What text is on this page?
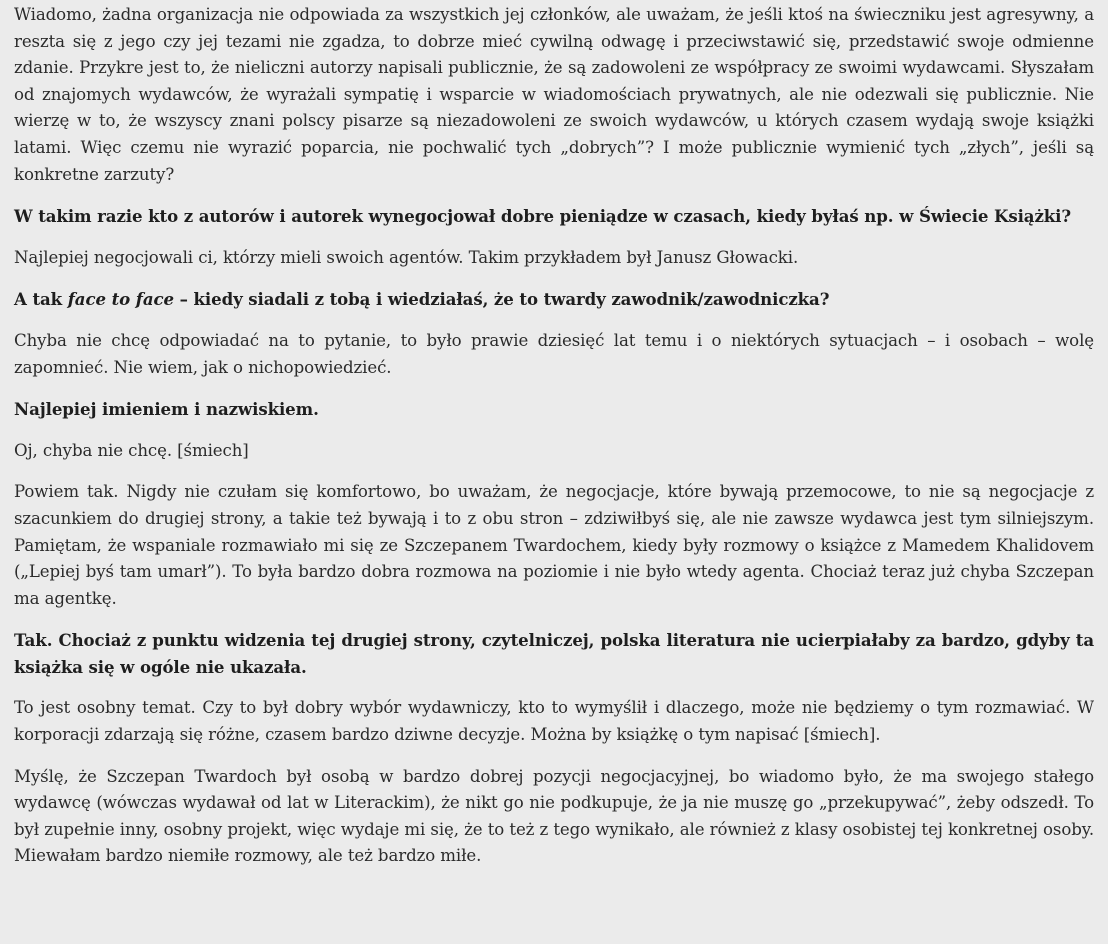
Wiadomo, żadna organizacja nie odpowiada za wszystkich jej członków, ale uważam, że jeśli ktoś na świeczniku jest agresywny, a reszta się z jego czy jej tezami nie zgadza, to dobrze mieć cywilną odwagę i przeciwstawić się, przedstawić swoje odmienne zdanie. Przykre jest to, że nieliczni autorzy napisali publicznie, że są zadowoleni ze współpracy ze swoimi wydawcami. Słyszałam od znajomych wydawców, że wyrażali sympatię i wsparcie w wiadomościach prywatnych, ale nie odezwali się publicznie. Nie wierzę w to, że wszyscy znani polscy pisarze są niezadowoleni ze swoich wydawców, u których czasem wydają swoje książki latami. Więc czemu nie wyrazić poparcia, nie pochwalić tych „dobrych”? I może publicznie wymienić tych „złych”, jeśli są konkretne zarzuty?

W takim razie kto z autorów i autorek wynegocjował dobre pieniądze w czasach, kiedy byłaś np. w Świecie Książki?

Najlepiej negocjowali ci, którzy mieli swoich agentów. Takim przykładem był Janusz Głowacki.

A tak face to face – kiedy siadali z tobą i wiedziałaś, że to twardy zawodnik/zawodniczka?

Chyba nie chcę odpowiadać na to pytanie, to było prawie dziesięć lat temu i o niektórych sytuacjach – i osobach – wolę zapomnieć. Nie wiem, jak o nichopowiedzieć.

Najlepiej imieniem i nazwiskiem.

Oj, chyba nie chcę. [śmiech]

Powiem tak. Nigdy nie czułam się komfortowo, bo uważam, że negocjacje, które bywają przemocowe, to nie są negocjacje z szacunkiem do drugiej strony, a takie też bywają i to z obu stron – zdziwiłbyś się, ale nie zawsze wydawca jest tym silniejszym. Pamiętam, że wspaniale rozmawiało mi się ze Szczepanem Twardochem, kiedy były rozmowy o książce z Mamedem Khalidovem („Lepiej byś tam umarł”). To była bardzo dobra rozmowa na poziomie i nie było wtedy agenta. Chociaż teraz już chyba Szczepan ma agentkę.

Tak. Chociaż z punktu widzenia tej drugiej strony, czytelniczej, polska literatura nie ucierpiałaby za bardzo, gdyby ta książka się w ogóle nie ukazała.

To jest osobny temat. Czy to był dobry wybór wydawniczy, kto to wymyślił i dlaczego, może nie będziemy o tym rozmawiać. W korporacji zdarzają się różne, czasem bardzo dziwne decyzje. Można by książkę o tym napisać [śmiech].

Myślę, że Szczepan Twardoch był osobą w bardzo dobrej pozycji negocjacyjnej, bo wiadomo było, że ma swojego stałego wydawcę (wówczas wydawał od lat w Literackim), że nikt go nie podkupuje, że ja nie muszę go „przekupywać”, żeby odszedł. To był zupełnie inny, osobny projekt, więc wydaje mi się, że to też z tego wynikało, ale również z klasy osobistej tej konkretnej osoby. Miewałam bardzo niemiłe rozmowy, ale też bardzo miłe.
